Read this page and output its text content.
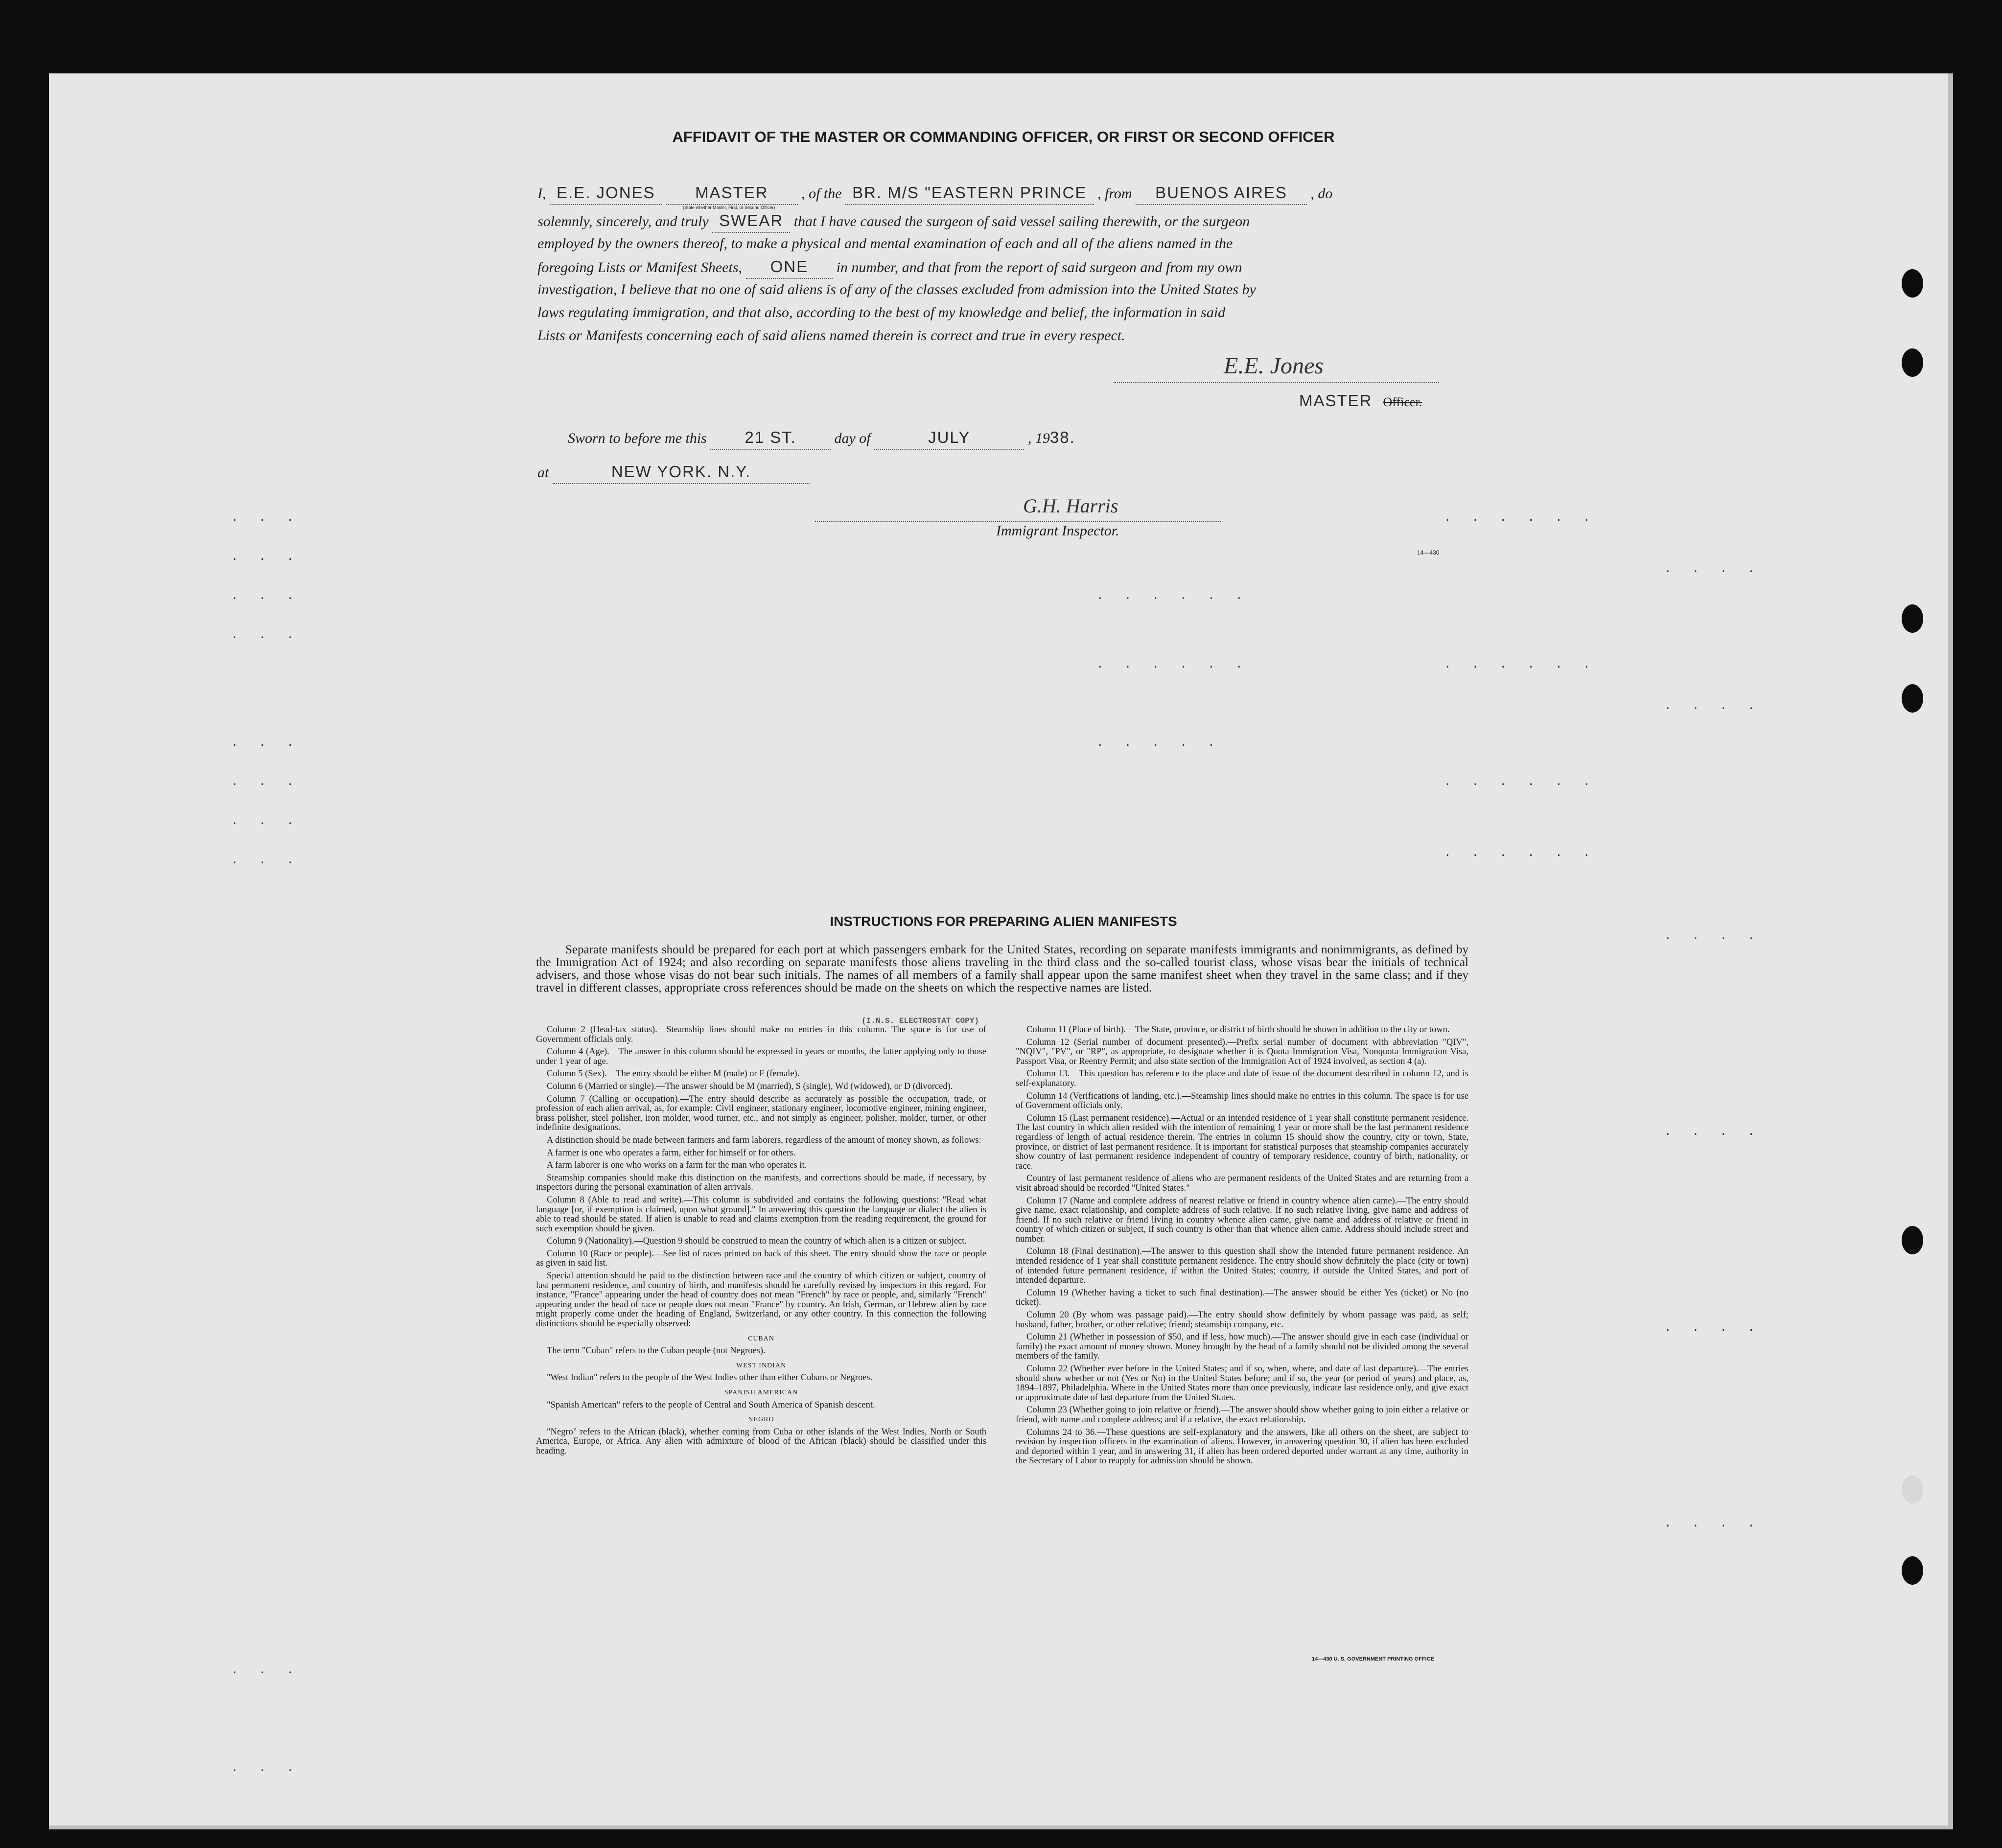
AFFIDAVIT OF THE MASTER OR COMMANDING OFFICER, OR FIRST OR SECOND OFFICER
I, E.E. JONES MASTER , of the BR. M/S "EASTERN PRINCE , from BUENOS AIRES , do
(State whether Master, First, or Second Officer)
solemnly, sincerely, and truly SWEAR that I have caused the surgeon of said vessel sailing therewith, or the surgeon
employed by the owners thereof, to make a physical and mental examination of each and all of the aliens named in the
foregoing Lists or Manifest Sheets, ONE in number, and that from the report of said surgeon and from my own
investigation, I believe that no one of said aliens is of any of the classes excluded from admission into the United States by
laws regulating immigration, and that also, according to the best of my knowledge and belief, the information in said
Lists or Manifests concerning each of said aliens named therein is correct and true in every respect.
E.E. Jones
MASTER Officer.
Sworn to before me this 21 ST.	day of	JULY	, 1938.
at	NEW YORK. N.Y.
G.H. Harris
Immigrant Inspector.
14—430
. . .
. . .
. . .
. . .
. . .
. . .
. . .
. . .
. . . . . .
. . . . . .
. . . . .
. . . . . .
. . . . . .
. . . . . .
. . . . . .
. . . .
. . . .
. . . .
. . . .
. . . .
. . . .
. . .
. . .
INSTRUCTIONS FOR PREPARING ALIEN MANIFESTS
Separate manifests should be prepared for each port at which passengers embark for the United States, recording on separate manifests immigrants and nonimmigrants, as defined by the Immigration Act of 1924; and also recording on separate manifests those aliens traveling in the third class and the so-called tourist class, whose visas bear the initials of technical advisers, and those whose visas do not bear such initials. The names of all members of a family shall appear upon the same manifest sheet when they travel in the same class; and if they travel in different classes, appropriate cross references should be made on the sheets on which the respective names are listed.
(I.N.S. ELECTROSTAT COPY)

Column 2 (Head-tax status).—Steamship lines should make no entries in this column. The space is for use of Government officials only.

Column 4 (Age).—The answer in this column should be expressed in years or months, the latter applying only to those under 1 year of age.

Column 5 (Sex).—The entry should be either M (male) or F (female).

Column 6 (Married or single).—The answer should be M (married), S (single), Wd (widowed), or D (divorced).

Column 7 (Calling or occupation).—The entry should describe as accurately as possible the occupation, trade, or profession of each alien arrival, as, for example: Civil engineer, stationary engineer, locomotive engineer, mining engineer, brass polisher, steel polisher, iron molder, wood turner, etc., and not simply as engineer, polisher, molder, turner, or other indefinite designations.

A distinction should be made between farmers and farm laborers, regardless of the amount of money shown, as follows:

A farmer is one who operates a farm, either for himself or for others.

A farm laborer is one who works on a farm for the man who operates it.

Steamship companies should make this distinction on the manifests, and corrections should be made, if necessary, by inspectors during the personal examination of alien arrivals.

Column 8 (Able to read and write).—This column is subdivided and contains the following questions: "Read what language [or, if exemption is claimed, upon what ground]." In answering this question the language or dialect the alien is able to read should be stated. If alien is unable to read and claims exemption from the reading requirement, the ground for such exemption should be given.

Column 9 (Nationality).—Question 9 should be construed to mean the country of which alien is a citizen or subject.

Column 10 (Race or people).—See list of races printed on back of this sheet. The entry should show the race or people as given in said list.

Special attention should be paid to the distinction between race and the country of which citizen or subject, country of last permanent residence, and country of birth, and manifests should be carefully revised by inspectors in this regard. For instance, "France" appearing under the head of country does not mean "French" by race or people, and, similarly "French" appearing under the head of race or people does not mean "France" by country. An Irish, German, or Hebrew alien by race might properly come under the heading of England, Switzerland, or any other country. In this connection the following distinctions should be especially observed:

CUBAN

The term "Cuban" refers to the Cuban people (not Negroes).

WEST INDIAN

"West Indian" refers to the people of the West Indies other than either Cubans or Negroes.

SPANISH AMERICAN

"Spanish American" refers to the people of Central and South America of Spanish descent.

NEGRO

"Negro" refers to the African (black), whether coming from Cuba or other islands of the West Indies, North or South America, Europe, or Africa. Any alien with admixture of blood of the African (black) should be classified under this heading.

Column 11 (Place of birth).—The State, province, or district of birth should be shown in addition to the city or town.

Column 12 (Serial number of document presented).—Prefix serial number of document with abbreviation "QIV", "NQIV", "PV", or "RP", as appropriate, to designate whether it is Quota Immigration Visa, Nonquota Immigration Visa, Passport Visa, or Reentry Permit; and also state section of the Immigration Act of 1924 involved, as section 4 (a).

Column 13.—This question has reference to the place and date of issue of the document described in column 12, and is self-explanatory.

Column 14 (Verifications of landing, etc.).—Steamship lines should make no entries in this column. The space is for use of Government officials only.

Column 15 (Last permanent residence).—Actual or an intended residence of 1 year shall constitute permanent residence. The last country in which alien resided with the intention of remaining 1 year or more shall be the last permanent residence regardless of length of actual residence therein. The entries in column 15 should show the country, city or town, State, province, or district of last permanent residence. It is important for statistical purposes that steamship companies accurately show country of last permanent residence independent of country of temporary residence, country of birth, nationality, or race.

Country of last permanent residence of aliens who are permanent residents of the United States and are returning from a visit abroad should be recorded "United States."

Column 17 (Name and complete address of nearest relative or friend in country whence alien came).—The entry should give name, exact relationship, and complete address of such relative. If no such relative living, give name and address of friend. If no such relative or friend living in country whence alien came, give name and address of relative or friend in country of which citizen or subject, if such country is other than that whence alien came. Address should include street and number.

Column 18 (Final destination).—The answer to this question shall show the intended future permanent residence. An intended residence of 1 year shall constitute permanent residence. The entry should show definitely the place (city or town) of intended future permanent residence, if within the United States; country, if outside the United States, and port of intended departure.

Column 19 (Whether having a ticket to such final destination).—The answer should be either Yes (ticket) or No (no ticket).

Column 20 (By whom was passage paid).—The entry should show definitely by whom passage was paid, as self; husband, father, brother, or other relative; friend; steamship company, etc.

Column 21 (Whether in possession of $50, and if less, how much).—The answer should give in each case (individual or family) the exact amount of money shown. Money brought by the head of a family should not be divided among the several members of the family.

Column 22 (Whether ever before in the United States; and if so, when, where, and date of last departure).—The entries should show whether or not (Yes or No) in the United States before; and if so, the year (or period of years) and place, as, 1894–1897, Philadelphia. Where in the United States more than once previously, indicate last residence only, and give exact or approximate date of last departure from the United States.

Column 23 (Whether going to join relative or friend).—The answer should show whether going to join either a relative or friend, with name and complete address; and if a relative, the exact relationship.

Columns 24 to 36.—These questions are self-explanatory and the answers, like all others on the sheet, are subject to revision by inspection officers in the examination of aliens. However, in answering question 30, if alien has been excluded and deported within 1 year, and in answering 31, if alien has been ordered deported under warrant at any time, authority in the Secretary of Labor to reapply for admission should be shown.

14—430 U. S. GOVERNMENT PRINTING OFFICE
